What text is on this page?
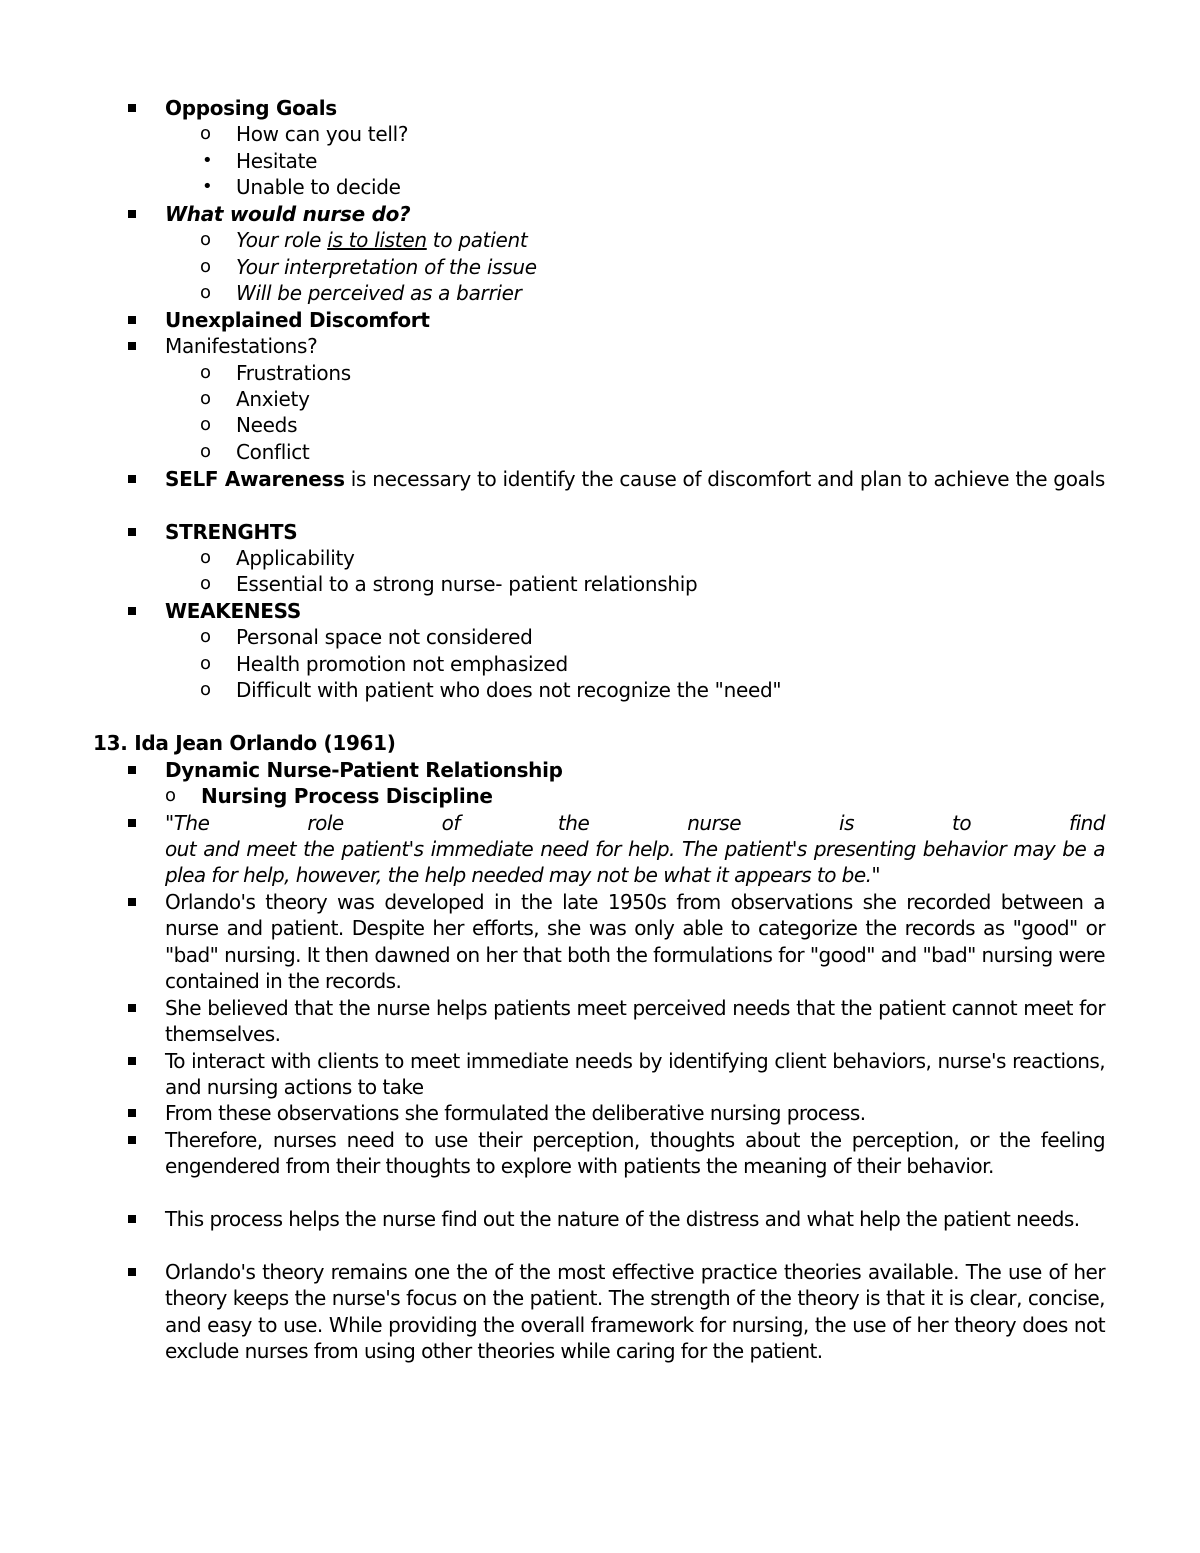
Opposing Goals
o How can you tell?
• Hesitate
• Unable to decide
What would nurse do?
o Your role is to listen to patient
o Your interpretation of the issue
o Will be perceived as a barrier
Unexplained Discomfort
Manifestations?
o Frustrations
o Anxiety
o Needs
o Conflict
SELF Awareness is necessary to identify the cause of discomfort and plan to achieve the goals
STRENGHTS
o Applicability
o Essential to a strong nurse- patient relationship
WEAKENESS
o Personal space not considered
o Health promotion not emphasized
o Difficult with patient who does not recognize the "need"
13. Ida Jean Orlando (1961)
Dynamic Nurse-Patient Relationship
o Nursing Process Discipline
"The role of the nurse is to find
out and meet the patient's immediate need for help. The patient's presenting behavior may be a plea for help, however, the help needed may not be what it appears to be."
Orlando's theory was developed in the late 1950s from observations she recorded between a nurse and patient. Despite her efforts, she was only able to categorize the records as "good" or "bad" nursing. It then dawned on her that both the formulations for "good" and "bad" nursing were contained in the records.
She believed that the nurse helps patients meet perceived needs that the patient cannot meet for themselves.
To interact with clients to meet immediate needs by identifying client behaviors, nurse's reactions, and nursing actions to take
From these observations she formulated the deliberative nursing process.
Therefore, nurses need to use their perception, thoughts about the perception, or the feeling engendered from their thoughts to explore with patients the meaning of their behavior.
This process helps the nurse find out the nature of the distress and what help the patient needs.
Orlando's theory remains one the of the most effective practice theories available. The use of her theory keeps the nurse's focus on the patient. The strength of the theory is that it is clear, concise, and easy to use. While providing the overall framework for nursing, the use of her theory does not exclude nurses from using other theories while caring for the patient.
